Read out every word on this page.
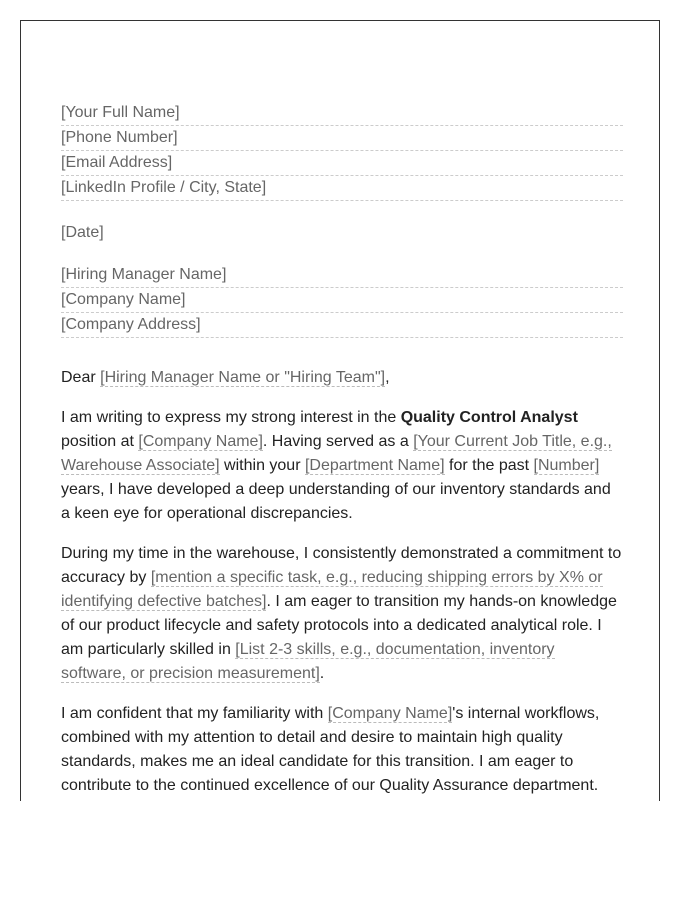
[Your Full Name]
[Phone Number]
[Email Address]
[LinkedIn Profile / City, State]
[Date]
[Hiring Manager Name]
[Company Name]
[Company Address]

Dear [Hiring Manager Name or "Hiring Team"],

I am writing to express my strong interest in the Quality Control Analyst position at [Company Name]. Having served as a [Your Current Job Title, e.g., Warehouse Associate] within your [Department Name] for the past [Number] years, I have developed a deep understanding of our inventory standards and a keen eye for operational discrepancies.

During my time in the warehouse, I consistently demonstrated a commitment to accuracy by [mention a specific task, e.g., reducing shipping errors by X% or identifying defective batches]. I am eager to transition my hands-on knowledge of our product lifecycle and safety protocols into a dedicated analytical role. I am particularly skilled in [List 2-3 skills, e.g., documentation, inventory software, or precision measurement].

I am confident that my familiarity with [Company Name]'s internal workflows, combined with my attention to detail and desire to maintain high quality standards, makes me an ideal candidate for this transition. I am eager to contribute to the continued excellence of our Quality Assurance department.
